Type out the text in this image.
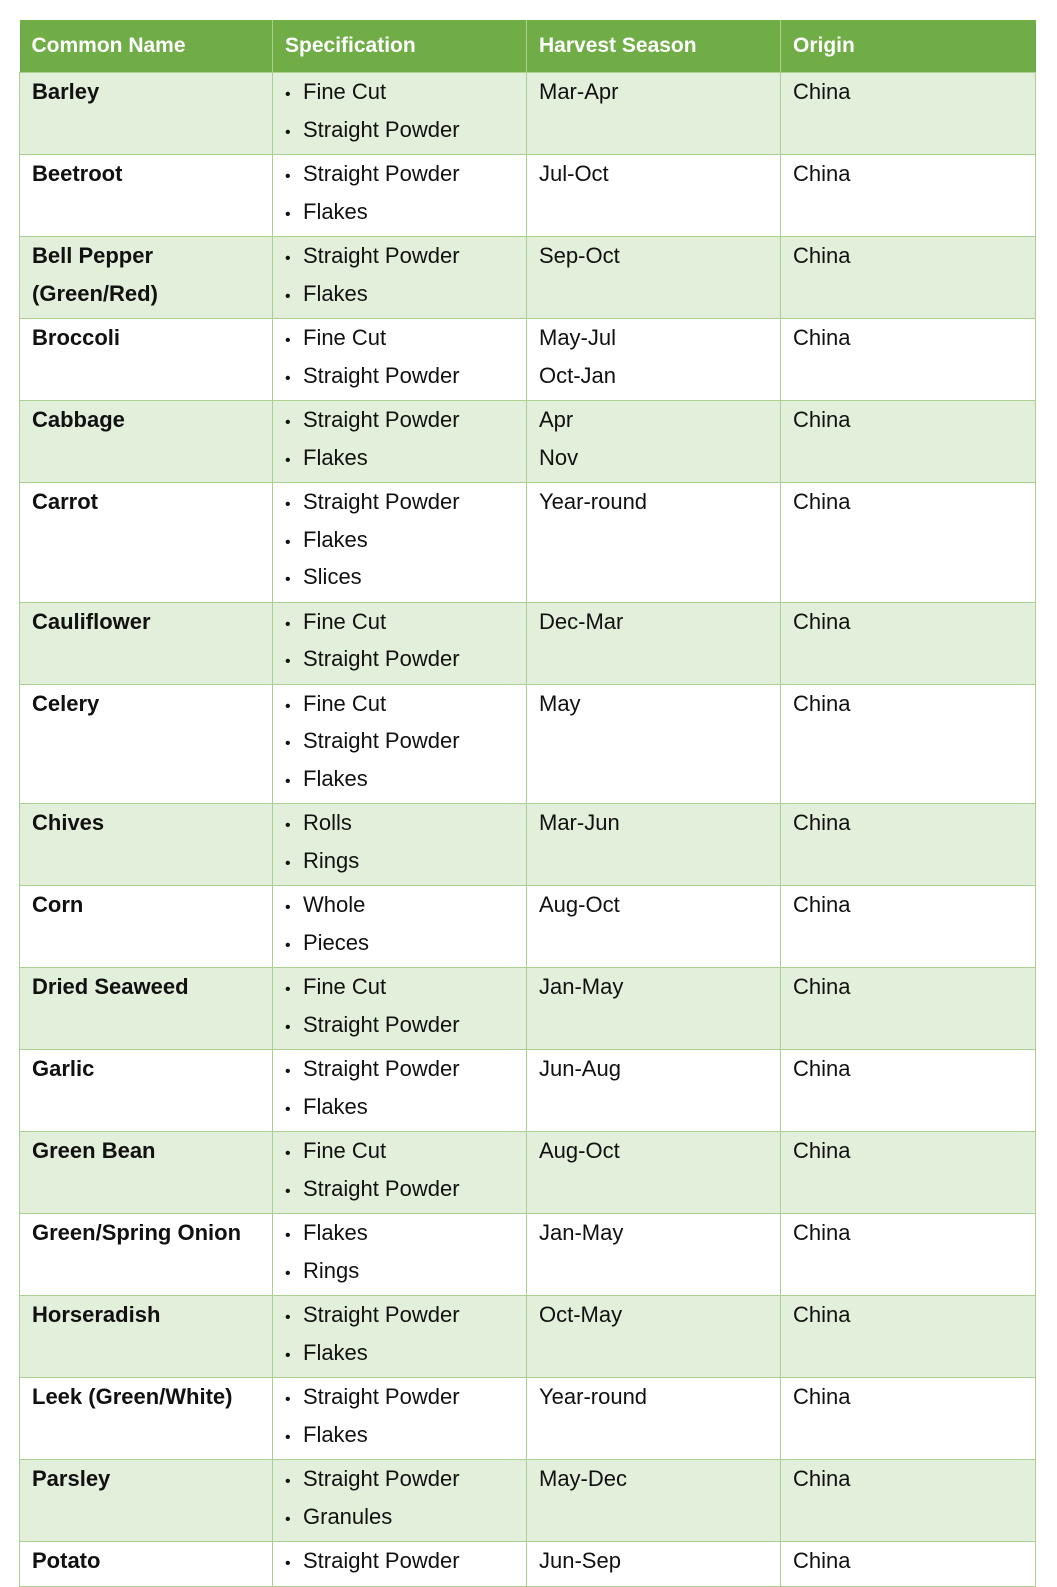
Common Name	Specification	Harvest Season	Origin

Barley	• Fine Cut
• Straight Powder	Mar-Apr	China

Beetroot	• Straight Powder
• Flakes	Jul-Oct	China

Bell Pepper
(Green/Red)	• Straight Powder
• Flakes	Sep-Oct	China

Broccoli	• Fine Cut
• Straight Powder	May-Jul
Oct-Jan	China

Cabbage	• Straight Powder
• Flakes	Apr
Nov	China

Carrot	• Straight Powder
• Flakes
• Slices	Year-round	China

Cauliflower	• Fine Cut
• Straight Powder	Dec-Mar	China

Celery	• Fine Cut
• Straight Powder
• Flakes	May	China

Chives	• Rolls
• Rings	Mar-Jun	China

Corn	• Whole
• Pieces	Aug-Oct	China

Dried Seaweed	• Fine Cut
• Straight Powder	Jan-May	China

Garlic	• Straight Powder
• Flakes	Jun-Aug	China

Green Bean	• Fine Cut
• Straight Powder	Aug-Oct	China

Green/Spring Onion	• Flakes
• Rings	Jan-May	China

Horseradish	• Straight Powder
• Flakes	Oct-May	China

Leek (Green/White)	• Straight Powder
• Flakes	Year-round	China

Parsley	• Straight Powder
• Granules	May-Dec	China

Potato	• Straight Powder	Jun-Sep	China
